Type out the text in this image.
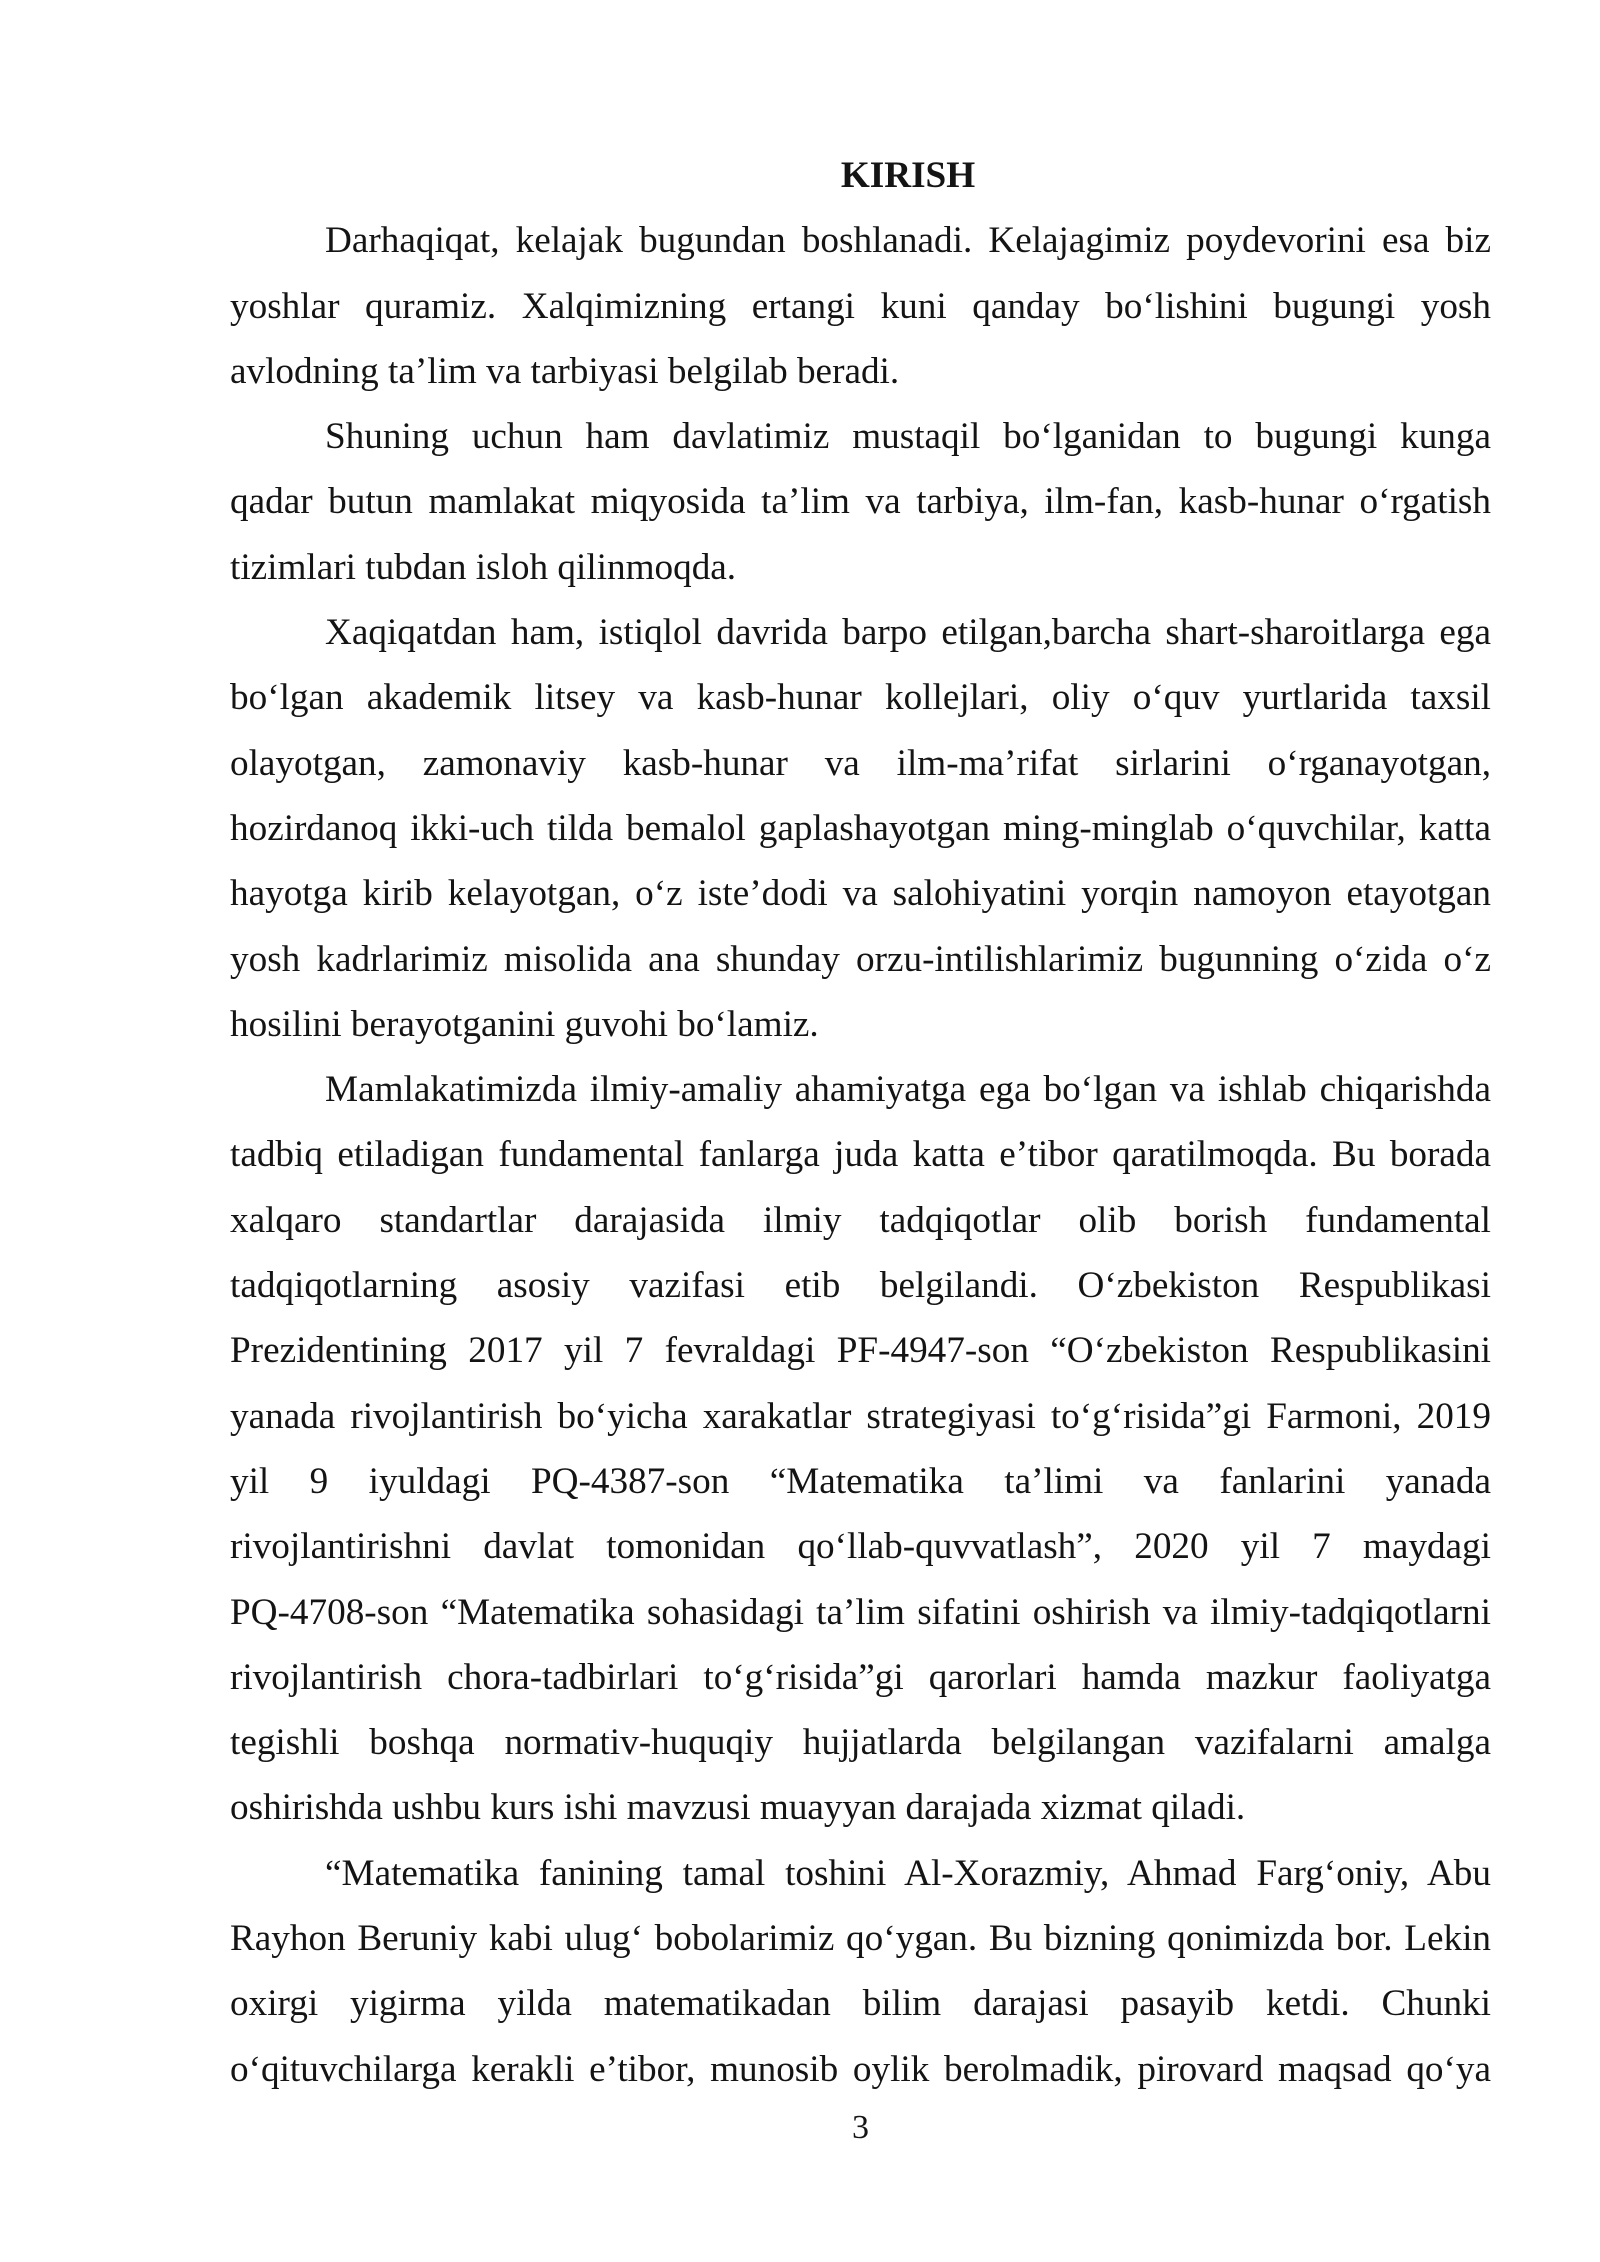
KIRISH
Darhaqiqat, kelajak bugundan boshlanadi. Kelajagimiz poydevorini esa biz
yoshlar quramiz. Xalqimizning ertangi kuni qanday bo‘lishini bugungi yosh
avlodning ta’lim va tarbiyasi belgilab beradi.
Shuning uchun ham davlatimiz mustaqil bo‘lganidan to bugungi kunga
qadar butun mamlakat miqyosida ta’lim va tarbiya, ilm-fan, kasb-hunar o‘rgatish
tizimlari tubdan isloh qilinmoqda.
Xaqiqatdan ham, istiqlol davrida barpo etilgan,barcha shart-sharoitlarga ega
bo‘lgan akademik litsey va kasb-hunar kollejlari, oliy o‘quv yurtlarida taxsil
olayotgan, zamonaviy kasb-hunar va ilm-ma’rifat sirlarini o‘rganayotgan,
hozirdanoq ikki-uch tilda bemalol gaplashayotgan ming-minglab o‘quvchilar, katta
hayotga kirib kelayotgan, o‘z iste’dodi va salohiyatini yorqin namoyon etayotgan
yosh kadrlarimiz misolida ana shunday orzu-intilishlarimiz bugunning o‘zida o‘z
hosilini berayotganini guvohi bo‘lamiz.
Mamlakatimizda ilmiy-amaliy ahamiyatga ega bo‘lgan va ishlab chiqarishda
tadbiq etiladigan fundamental fanlarga juda katta e’tibor qaratilmoqda. Bu borada
xalqaro standartlar darajasida ilmiy tadqiqotlar olib borish fundamental
tadqiqotlarning asosiy vazifasi etib belgilandi. O‘zbekiston Respublikasi
Prezidentining 2017 yil 7 fevraldagi PF-4947-son “O‘zbekiston Respublikasini
yanada rivojlantirish bo‘yicha xarakatlar strategiyasi to‘g‘risida”gi Farmoni, 2019
yil 9 iyuldagi PQ-4387-son “Matematika ta’limi va fanlarini yanada
rivojlantirishni davlat tomonidan qo‘llab-quvvatlash”, 2020 yil 7 maydagi
PQ-4708-son “Matematika sohasidagi ta’lim sifatini oshirish va ilmiy-tadqiqotlarni
rivojlantirish chora-tadbirlari to‘g‘risida”gi qarorlari hamda mazkur faoliyatga
tegishli boshqa normativ-huquqiy hujjatlarda belgilangan vazifalarni amalga
oshirishda ushbu kurs ishi mavzusi muayyan darajada xizmat qiladi.
“Matematika fanining tamal toshini Al-Xorazmiy, Ahmad Farg‘oniy, Abu
Rayhon Beruniy kabi ulug‘ bobolarimiz qo‘ygan. Bu bizning qonimizda bor. Lekin
oxirgi yigirma yilda matematikadan bilim darajasi pasayib ketdi. Chunki
o‘qituvchilarga kerakli e’tibor, munosib oylik berolmadik, pirovard maqsad qo‘ya
3
